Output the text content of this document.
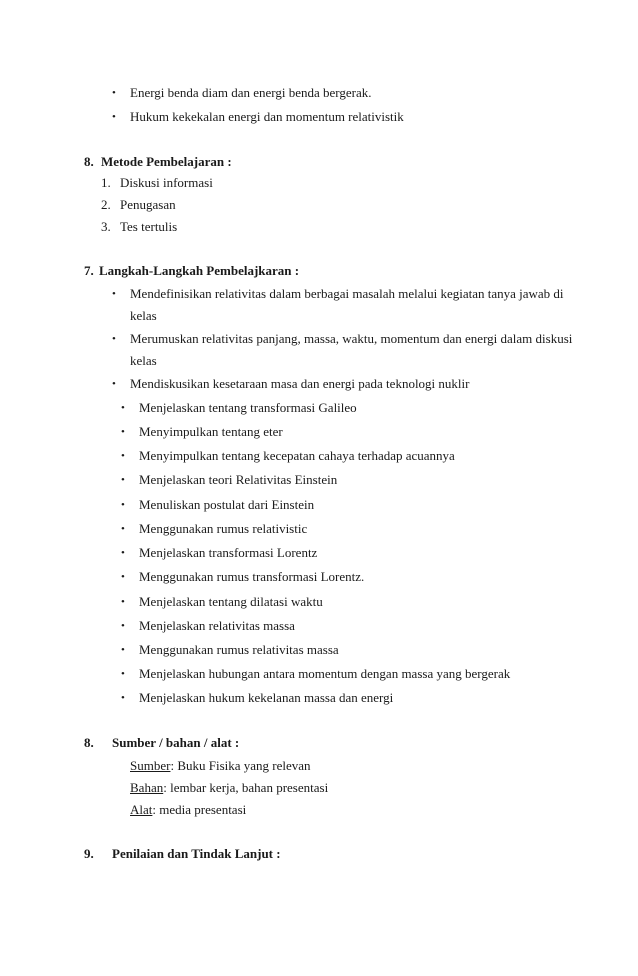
• Energi benda diam dan energi benda bergerak.
• Hukum kekekalan energi dan momentum relativistik
8. Metode Pembelajaran :
1. Diskusi informasi
2. Penugasan
3. Tes tertulis
7. Langkah-Langkah Pembelajkaran :
• Mendefinisikan relativitas dalam berbagai masalah melalui kegiatan tanya jawab di
kelas
• Merumuskan relativitas panjang, massa, waktu, momentum dan energi dalam diskusi
kelas
• Mendiskusikan kesetaraan masa dan energi pada teknologi nuklir
• Menjelaskan tentang transformasi Galileo
• Menyimpulkan tentang eter
• Menyimpulkan tentang kecepatan cahaya terhadap acuannya
• Menjelaskan teori Relativitas Einstein
• Menuliskan postulat dari Einstein
• Menggunakan rumus relativistic
• Menjelaskan transformasi Lorentz
• Menggunakan rumus transformasi Lorentz.
• Menjelaskan tentang dilatasi waktu
• Menjelaskan relativitas massa
• Menggunakan rumus relativitas massa
• Menjelaskan hubungan antara momentum dengan massa yang bergerak
• Menjelaskan hukum kekelanan massa dan energi
8. Sumber / bahan / alat :
Sumber: Buku Fisika yang relevan
Bahan: lembar kerja, bahan presentasi
Alat: media presentasi
9. Penilaian dan Tindak Lanjut :
